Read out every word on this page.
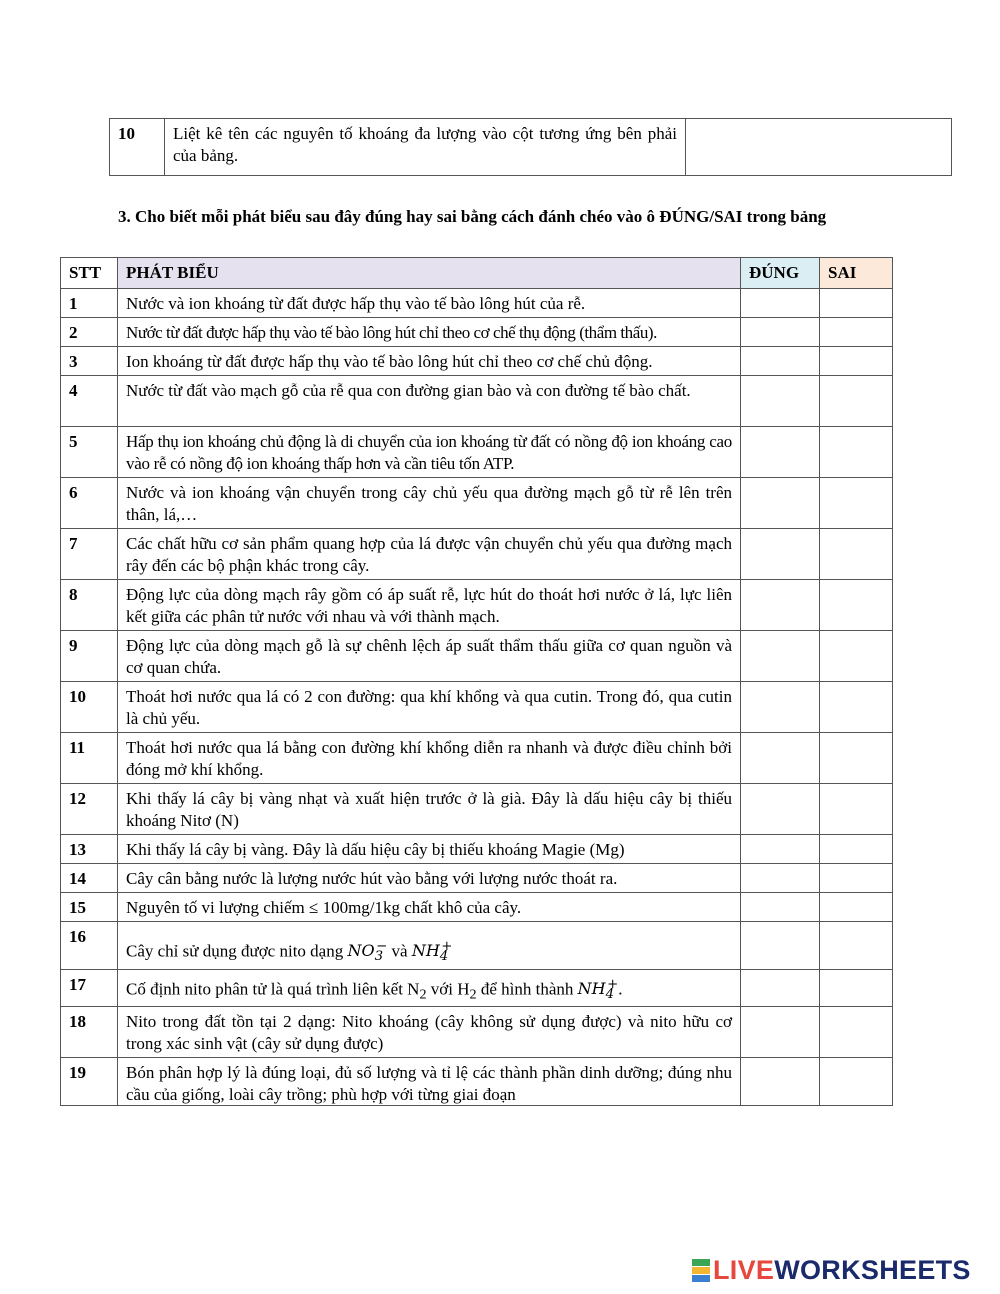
10	Liệt kê tên các nguyên tố khoáng đa lượng vào cột tương ứng bên phải của bảng.	
3. Cho biết mỗi phát biểu sau đây đúng hay sai bằng cách đánh chéo vào ô ĐÚNG/SAI trong bảng
STT	PHÁT BIỂU	ĐÚNG	SAI
1	Nước và ion khoáng từ đất được hấp thụ vào tế bào lông hút của rễ.		
2	Nước từ đất được hấp thụ vào tế bào lông hút chỉ theo cơ chế thụ động (thẩm thấu).		
3	Ion khoáng từ đất được hấp thụ vào tế bào lông hút chỉ theo cơ chế chủ động.		
4	Nước từ đất vào mạch gỗ của rễ qua con đường gian bào và con đường tế bào chất.		
5	Hấp thụ ion khoáng chủ động là di chuyển của ion khoáng từ đất có nồng độ ion khoáng cao vào rễ có nồng độ ion khoáng thấp hơn và cần tiêu tốn ATP.		
6	Nước và ion khoáng vận chuyển trong cây chủ yếu qua đường mạch gỗ từ rễ lên trên thân, lá,…		
7	Các chất hữu cơ sản phẩm quang hợp của lá được vận chuyển chủ yếu qua đường mạch rây đến các bộ phận khác trong cây.		
8	Động lực của dòng mạch rây gồm có áp suất rễ, lực hút do thoát hơi nước ở lá, lực liên kết giữa các phân tử nước với nhau và với thành mạch.		
9	Động lực của dòng mạch gỗ là sự chênh lệch áp suất thẩm thấu giữa cơ quan nguồn và cơ quan chứa.		
10	Thoát hơi nước qua lá có 2 con đường: qua khí khổng và qua cutin. Trong đó, qua cutin là chủ yếu.		
11	Thoát hơi nước qua lá bằng con đường khí khổng diễn ra nhanh và được điều chỉnh bởi đóng mở khí khổng.		
12	Khi thấy lá cây bị vàng nhạt và xuất hiện trước ở là già. Đây là dấu hiệu cây bị thiếu khoáng Nitơ (N)		
13	Khi thấy lá cây bị vàng. Đây là dấu hiệu cây bị thiếu khoáng Magie (Mg)		
14	Cây cân bằng nước là lượng nước hút vào bằng với lượng nước thoát ra.		
15	Nguyên tố vi lượng chiếm ≤ 100mg/1kg chất khô của cây.		
16	Cây chỉ sử dụng được nito dạng $NO_3^-$ và $NH_4^+$		
17	Cố định nito phân tử là quá trình liên kết $N_2$ với $H_2$ để hình thành $NH_4^+$.		
18	Nito trong đất tồn tại 2 dạng: Nito khoáng (cây không sử dụng được) và nito hữu cơ trong xác sinh vật (cây sử dụng được)		
19	Bón phân hợp lý là đúng loại, đủ số lượng và tỉ lệ các thành phần dinh dưỡng; đúng nhu cầu của giống, loài cây trồng; phù hợp với từng giai đoạn		

LIVEWORKSHEETS
